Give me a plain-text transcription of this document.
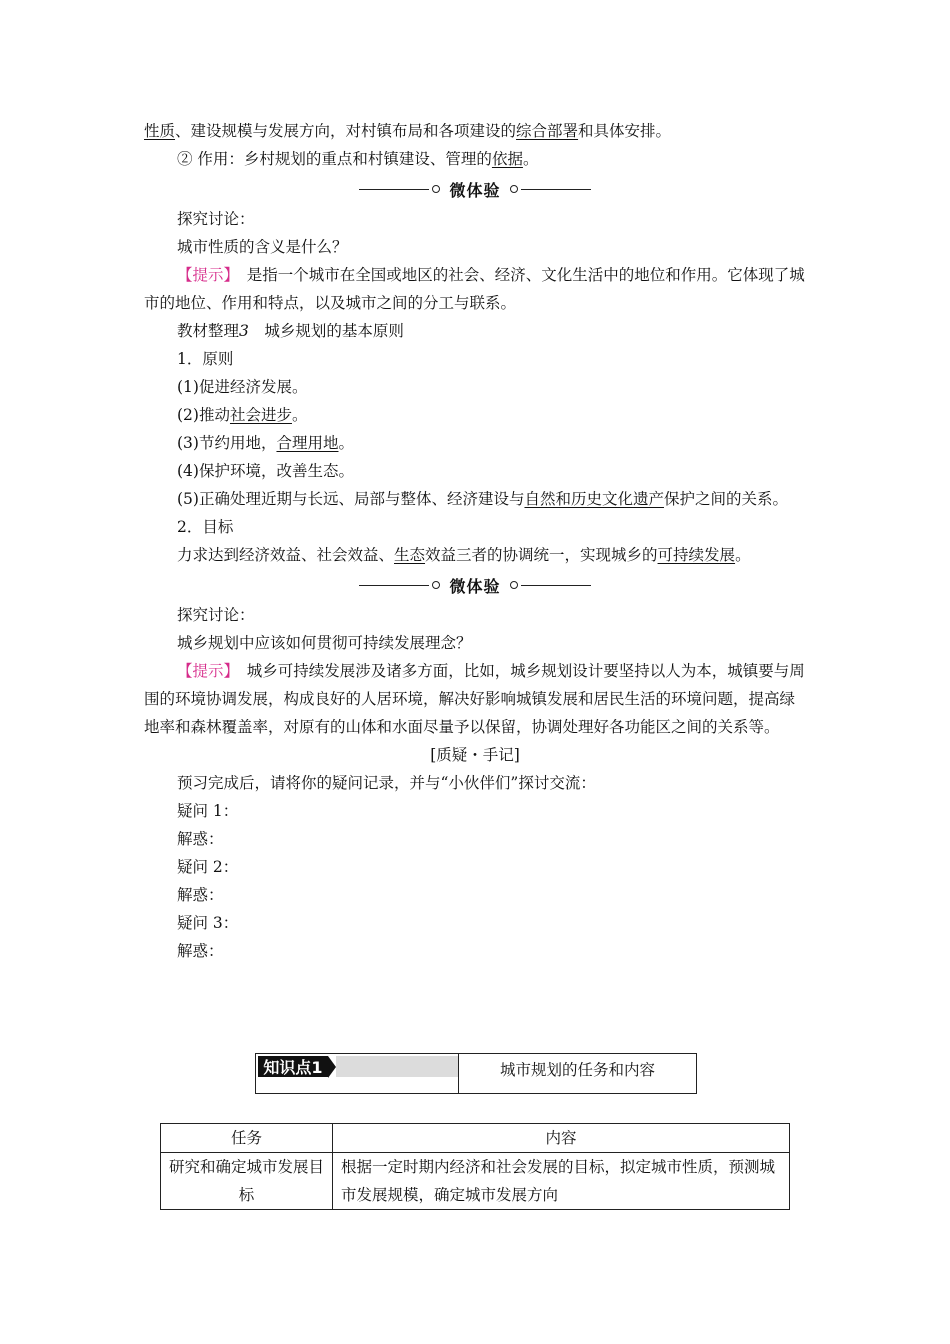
性质、建设规模与发展方向，对村镇布局和各项建设的综合部署和具体安排。
② 作用：乡村规划的重点和村镇建设、管理的依据。
微体验
探究讨论：
城市性质的含义是什么？
【提示】　是指一个城市在全国或地区的社会、经济、文化生活中的地位和作用。它体现了城市的地位、作用和特点，以及城市之间的分工与联系。
教材整理3　城乡规划的基本原则
1．原则
(1)促进经济发展。
(2)推动社会进步。
(3)节约用地，合理用地。
(4)保护环境，改善生态。
(5)正确处理近期与长远、局部与整体、经济建设与自然和历史文化遗产保护之间的关系。
2．目标
力求达到经济效益、社会效益、生态效益三者的协调统一，实现城乡的可持续发展。
微体验
探究讨论：
城乡规划中应该如何贯彻可持续发展理念？
【提示】　城乡可持续发展涉及诸多方面，比如，城乡规划设计要坚持以人为本，城镇要与周围的环境协调发展，构成良好的人居环境，解决好影响城镇发展和居民生活的环境问题，提高绿地率和森林覆盖率，对原有的山体和水面尽量予以保留，协调处理好各功能区之间的关系等。
[质疑・手记]
预习完成后，请将你的疑问记录，并与“小伙伴们”探讨交流：
疑问 1：
解惑：
疑问 2：
解惑：
疑问 3：
解惑：
知识点1	城市规划的任务和内容
任务	内容
研究和确定城市发展目标	根据一定时期内经济和社会发展的目标，拟定城市性质，预测城市发展规模，确定城市发展方向
